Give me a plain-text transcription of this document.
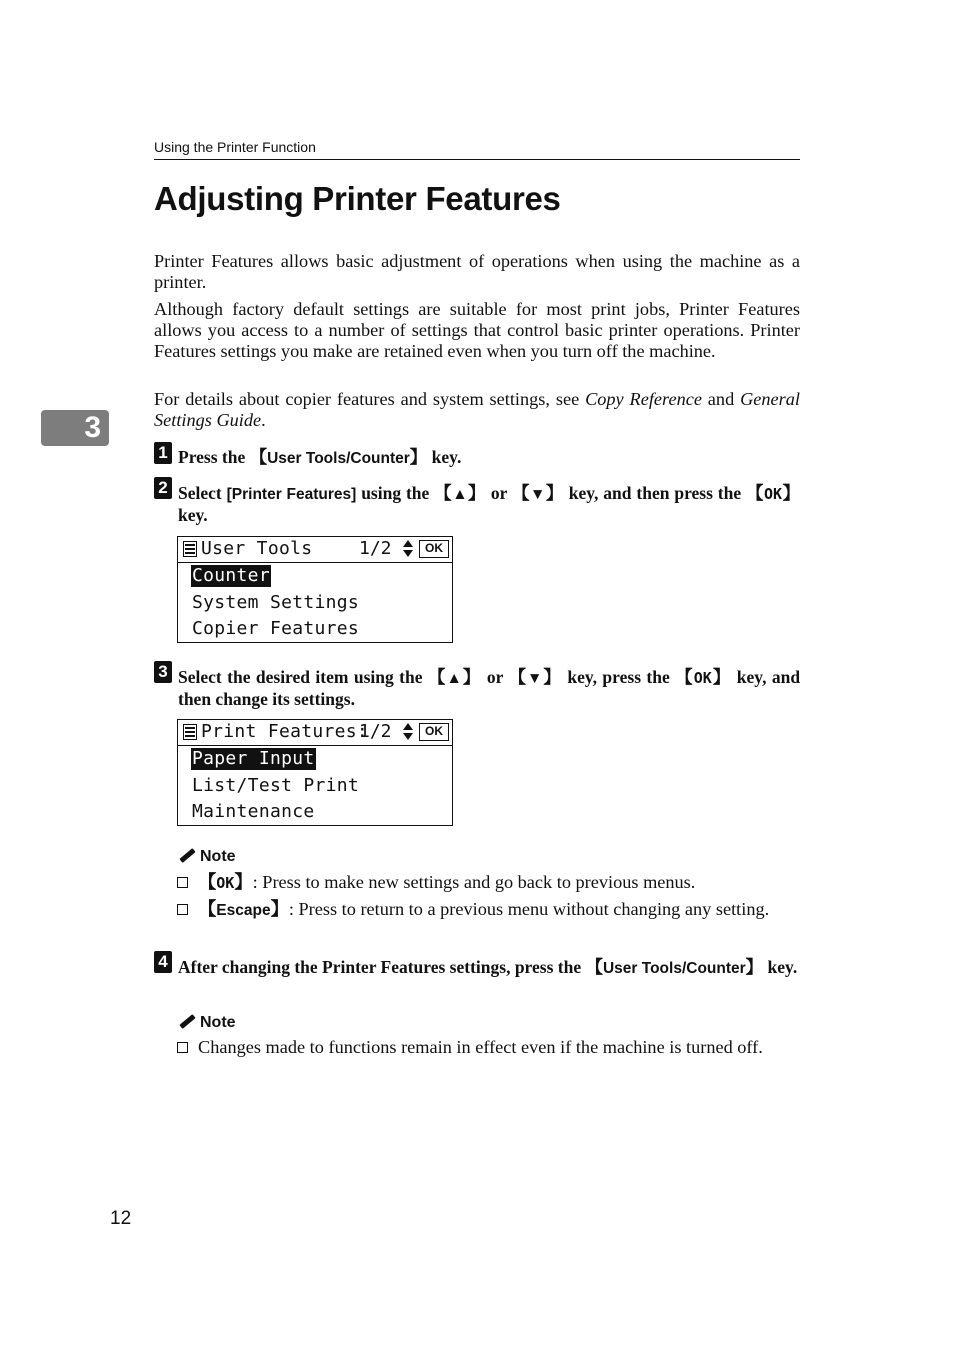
Using the Printer Function
Adjusting Printer Features

Printer Features allows basic adjustment of operations when using the machine as a printer.

Although factory default settings are suitable for most print jobs, Printer Features allows you access to a number of settings that control basic printer operations. Printer Features settings you make are retained even when you turn off the machine.

For details about copier features and system settings, see Copy Reference and General Settings Guide.

3
1 Press the 【User Tools/Counter】 key.

2 Select [Printer Features] using the 【▲】 or 【▼】 key, and then press the 【OK】 key.

User Tools	1/2	OK
Counter
System Settings
Copier Features
3 Select the desired item using the 【▲】 or 【▼】 key, press the 【OK】 key, and then change its settings.

Print Features:
1/2	OK
Paper Input
List/Test Print
Maintenance
Note

【OK】: Press to make new settings and go back to previous menus.

【Escape】: Press to return to a previous menu without changing any setting.

4 After changing the Printer Features settings, press the 【User Tools/Counter】 key.

Note

Changes made to functions remain in effect even if the machine is turned off.

12
